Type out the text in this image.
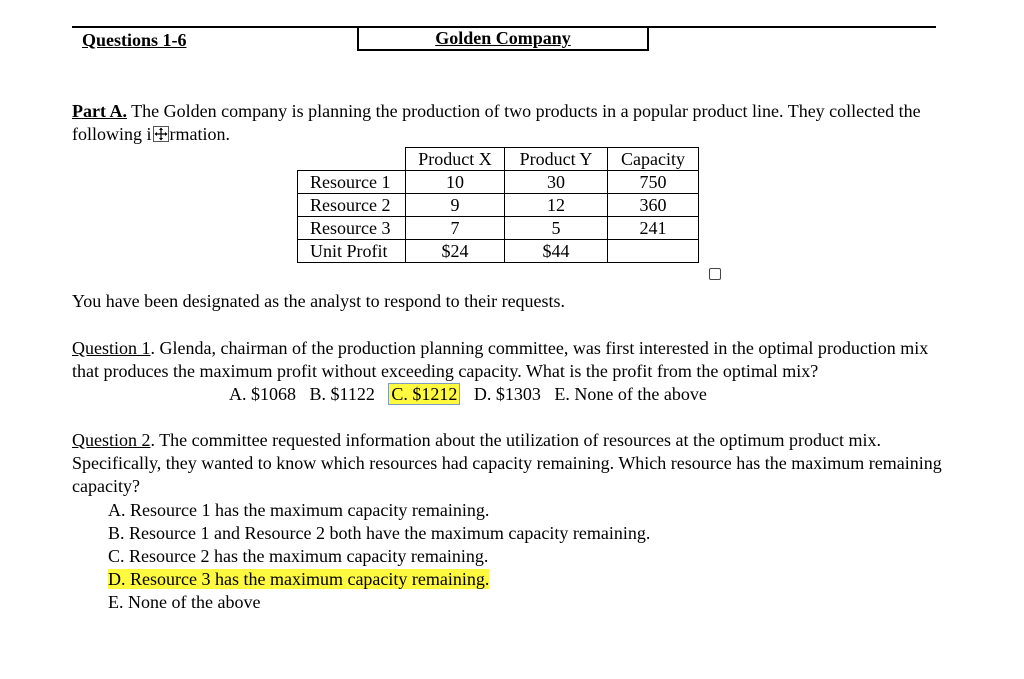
Questions 1-6	Golden Company
Part A. The Golden company is planning the production of two products in a popular product line. They collected the following i rmation.
	Product X	Product Y	Capacity
Resource 1	10	30	750
Resource 2	9	12	360
Resource 3	7	5	241
Unit Profit	$24	$44	
You have been designated as the analyst to respond to their requests.
Question 1. Glenda, chairman of the production planning committee, was first interested in the optimal production mix that produces the maximum profit without exceeding capacity. What is the profit from the optimal mix?
A. $1068 B. $1122 C. $1212 D. $1303 E. None of the above
Question 2. The committee requested information about the utilization of resources at the optimum product mix. Specifically, they wanted to know which resources had capacity remaining. Which resource has the maximum remaining capacity?
A. Resource 1 has the maximum capacity remaining.
B. Resource 1 and Resource 2 both have the maximum capacity remaining.
C. Resource 2 has the maximum capacity remaining.
D. Resource 3 has the maximum capacity remaining.
E. None of the above
